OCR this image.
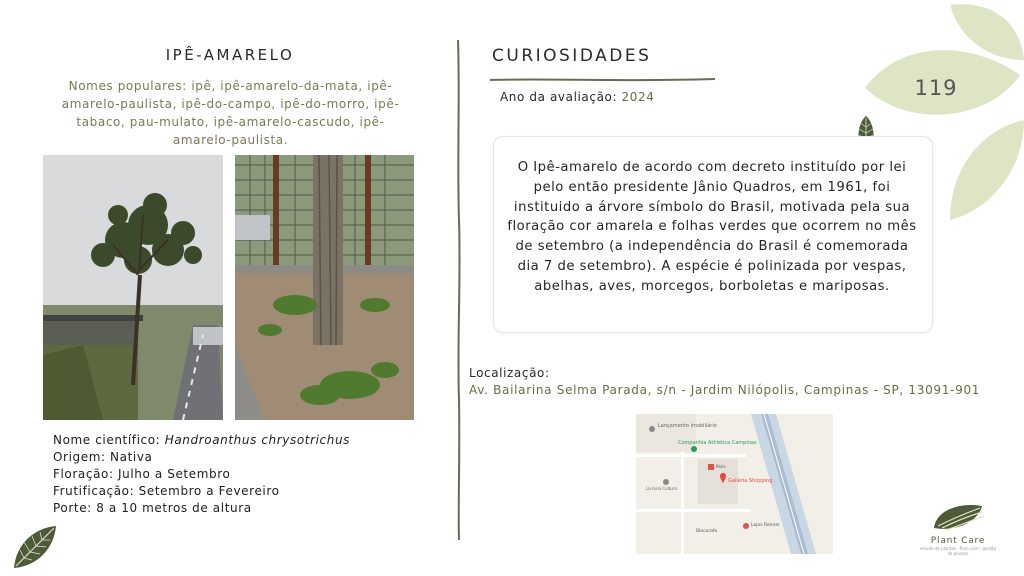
IPÊ-AMARELO
Nomes populares: ipê, ipê-amarelo-da-mata, ipê-amarelo-paulista, ipê-do-campo, ipê-do-morro, ipê-tabaco, pau-mulato, ipê-amarelo-cascudo, ipê-amarelo-paulista.
Nome científico: Handroanthus chrysotrichus
Origem: Nativa
Floração: Julho a Setembro
Frutificação: Setembro a Fevereiro
Porte: 8 a 10 metros de altura
CURIOSIDADES
Ano da avaliação: 2024
O Ipê-amarelo de acordo com decreto instituído por lei pelo então presidente Jânio Quadros, em 1961, foi instituido a árvore símbolo do Brasil, motivada pela sua floração cor amarela e folhas verdes que ocorrem no mês de setembro (a independência do Brasil é comemorada dia 7 de setembro). A espécie é polinizada por vespas, abelhas, aves, morcegos, borboletas e mariposas.
Localização:
Av. Bailarina Selma Parada, s/n - Jardim Nilópolis, Campinas - SP, 13091-901
Lançamento imobiliário
Companhia Athletica Campinas
Paris
Galleria Shopping
Livraria Cultura
Blocorafe
Lojas Renner
119
Plant Care
estudo de plantas · flora care · gestão de plantas
